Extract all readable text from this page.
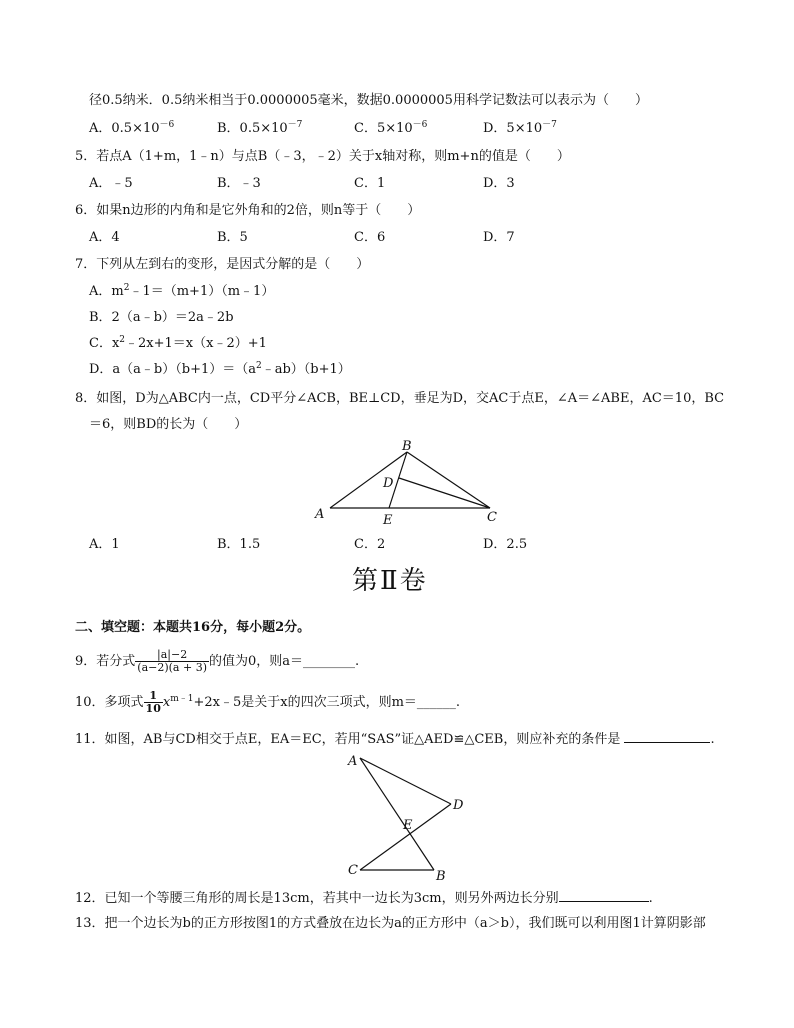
径0.5纳米．0.5纳米相当于0.0000005毫米，数据0.0000005用科学记数法可以表示为（　　）
A．$0.5\times 10^{-6}$	B．$0.5\times 10^{-7}$	C．$5\times 10^{-6}$	D．$5\times 10^{-7}$
5．若点A（1+m，1﹣n）与点B（﹣3，﹣2）关于x轴对称，则m+n的值是（　　）
A．﹣5	B．﹣3	C．1	D．3
6．如果n边形的内角和是它外角和的2倍，则n等于（　　）
A．4	B．5	C．6	D．7
7．下列从左到右的变形，是因式分解的是（　　）
A．$m^2﹣1=(m+1)(m﹣1)$
B．2（a﹣b）＝2a﹣2b
C．$x^2﹣2x+1=x(x﹣2)+1$
D．$a(a﹣b)(b+1)=(a^2﹣ab)(b+1)$
8．如图，D为△ABC内一点，CD平分∠ACB，BE⊥CD，垂足为D，交AC于点E，∠A＝∠ABE，AC＝10，BC
＝6，则BD的长为（　　）
B
D
A	E	C
A．1	B．1.5	C．2	D．2.5
第Ⅱ卷
二、填空题：本题共16分，每小题2分。
9．若分式 $\frac{|a|-2}{(a-2)(a + 3)}$ 的值为0，则a＝________.
10．多项式 $\frac{1}{10}$ $x^{m﹣1}+2x﹣5$是关于x的四次三项式，则m＝______.
11．如图，AB与CD相交于点E，EA＝EC，若用“SAS”证△AED≌△CEB，则应补充的条件是	.
A
D
E
C	B
12．已知一个等腰三角形的周长是13cm，若其中一边长为3cm，则另外两边长分别	.
13．把一个边长为b的正方形按图1的方式叠放在边长为a的正方形中（a＞b），我们既可以利用图1计算阴影部
